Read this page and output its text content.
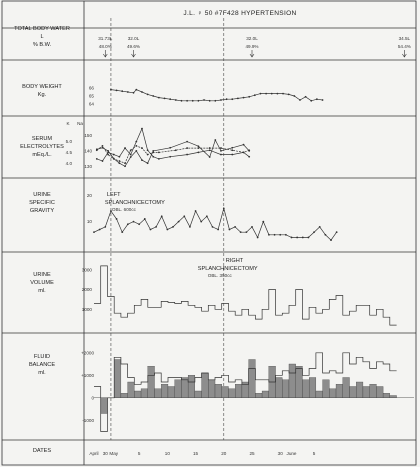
J.L. ♀ 50 #7F428 HYPERTENSION
TOTAL BODY WATER
L
% B.W.
BODY WEIGHT
Kg.
SERUM
ELECTROLYTES
mEq./L.
URINE
SPECIFIC
GRAVITY
URINE
VOLUME
ml.
FLUID
BALANCE
ml.
DATES
31.73L
48.0%
32.0L
49.6%
32.0L
49.9%
34.5L
54.4%
64
65
66
K Na
4.0
4.5
5.0
130
140
150
10
20	LEFT
SPLANCHNICECTOMY
OBL. 600cc
RIGHT
SPLANCHNICECTOMY
OBL. 350cc
1000
2000
3000
-1000
0
+1000
+2000
April 30 May	5	10	15	20	25	30 June	5
